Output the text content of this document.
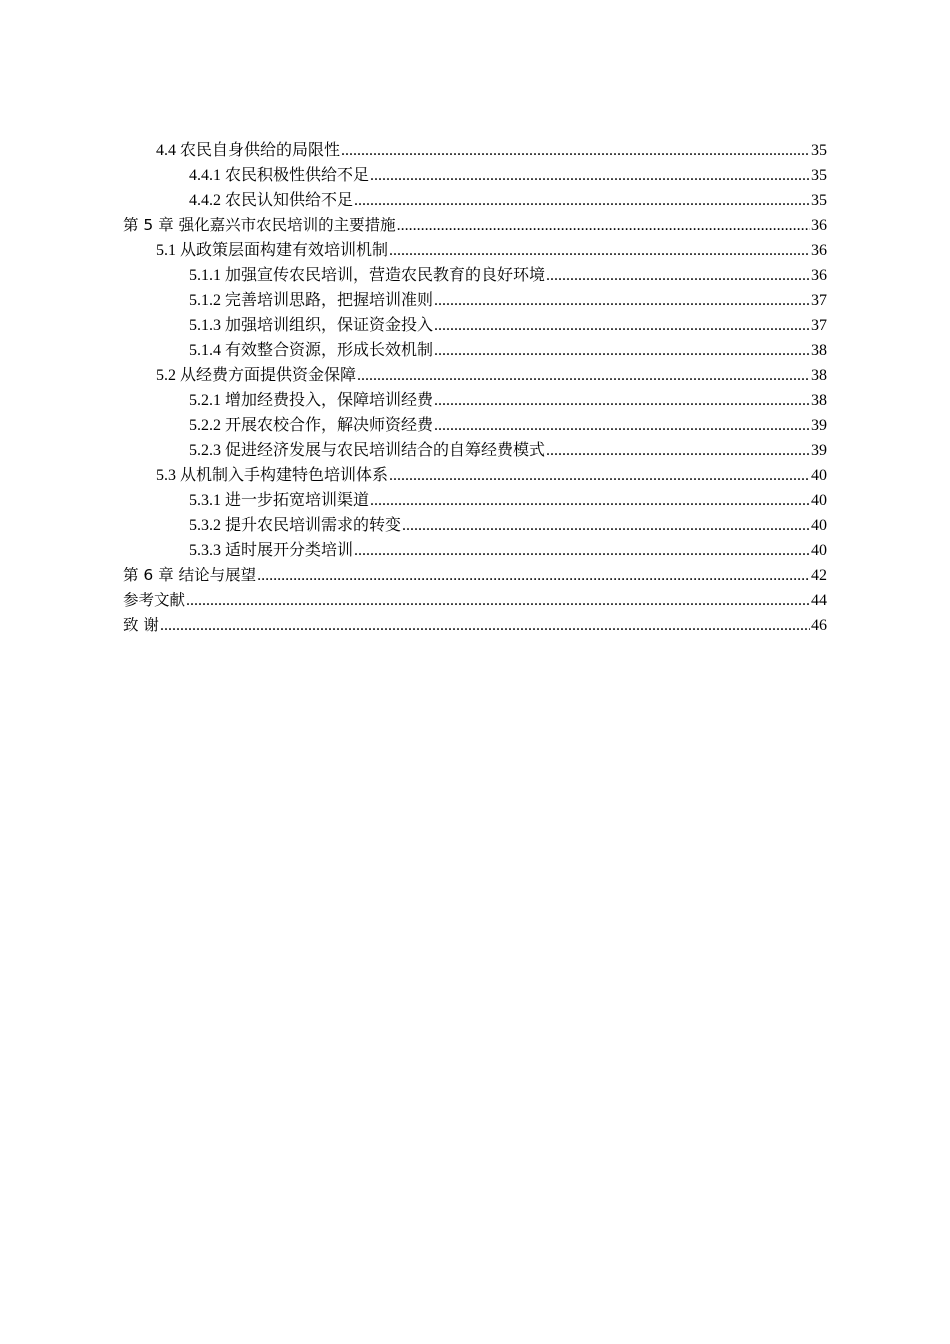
4.4 农民自身供给的局限性 .....	35
4.4.1 农民积极性供给不足 .....	35
4.4.2 农民认知供给不足 .....	35
第 5 章 强化嘉兴市农民培训的主要措施 .....	36
5.1 从政策层面构建有效培训机制 .....	36
5.1.1 加强宣传农民培训，营造农民教育的良好环境 .....	36
5.1.2 完善培训思路，把握培训准则 .....	37
5.1.3 加强培训组织，保证资金投入 .....	37
5.1.4 有效整合资源，形成长效机制 .....	38
5.2 从经费方面提供资金保障 .....	38
5.2.1 增加经费投入，保障培训经费 .....	38
5.2.2 开展农校合作，解决师资经费 .....	39
5.2.3 促进经济发展与农民培训结合的自筹经费模式 .....	39
5.3 从机制入手构建特色培训体系 .....	40
5.3.1 进一步拓宽培训渠道 .....	40
5.3.2 提升农民培训需求的转变 .....	40
5.3.3 适时展开分类培训 .....	40
第 6 章 结论与展望 .....	42
参考文献 .....	44
致 谢 .....	46
